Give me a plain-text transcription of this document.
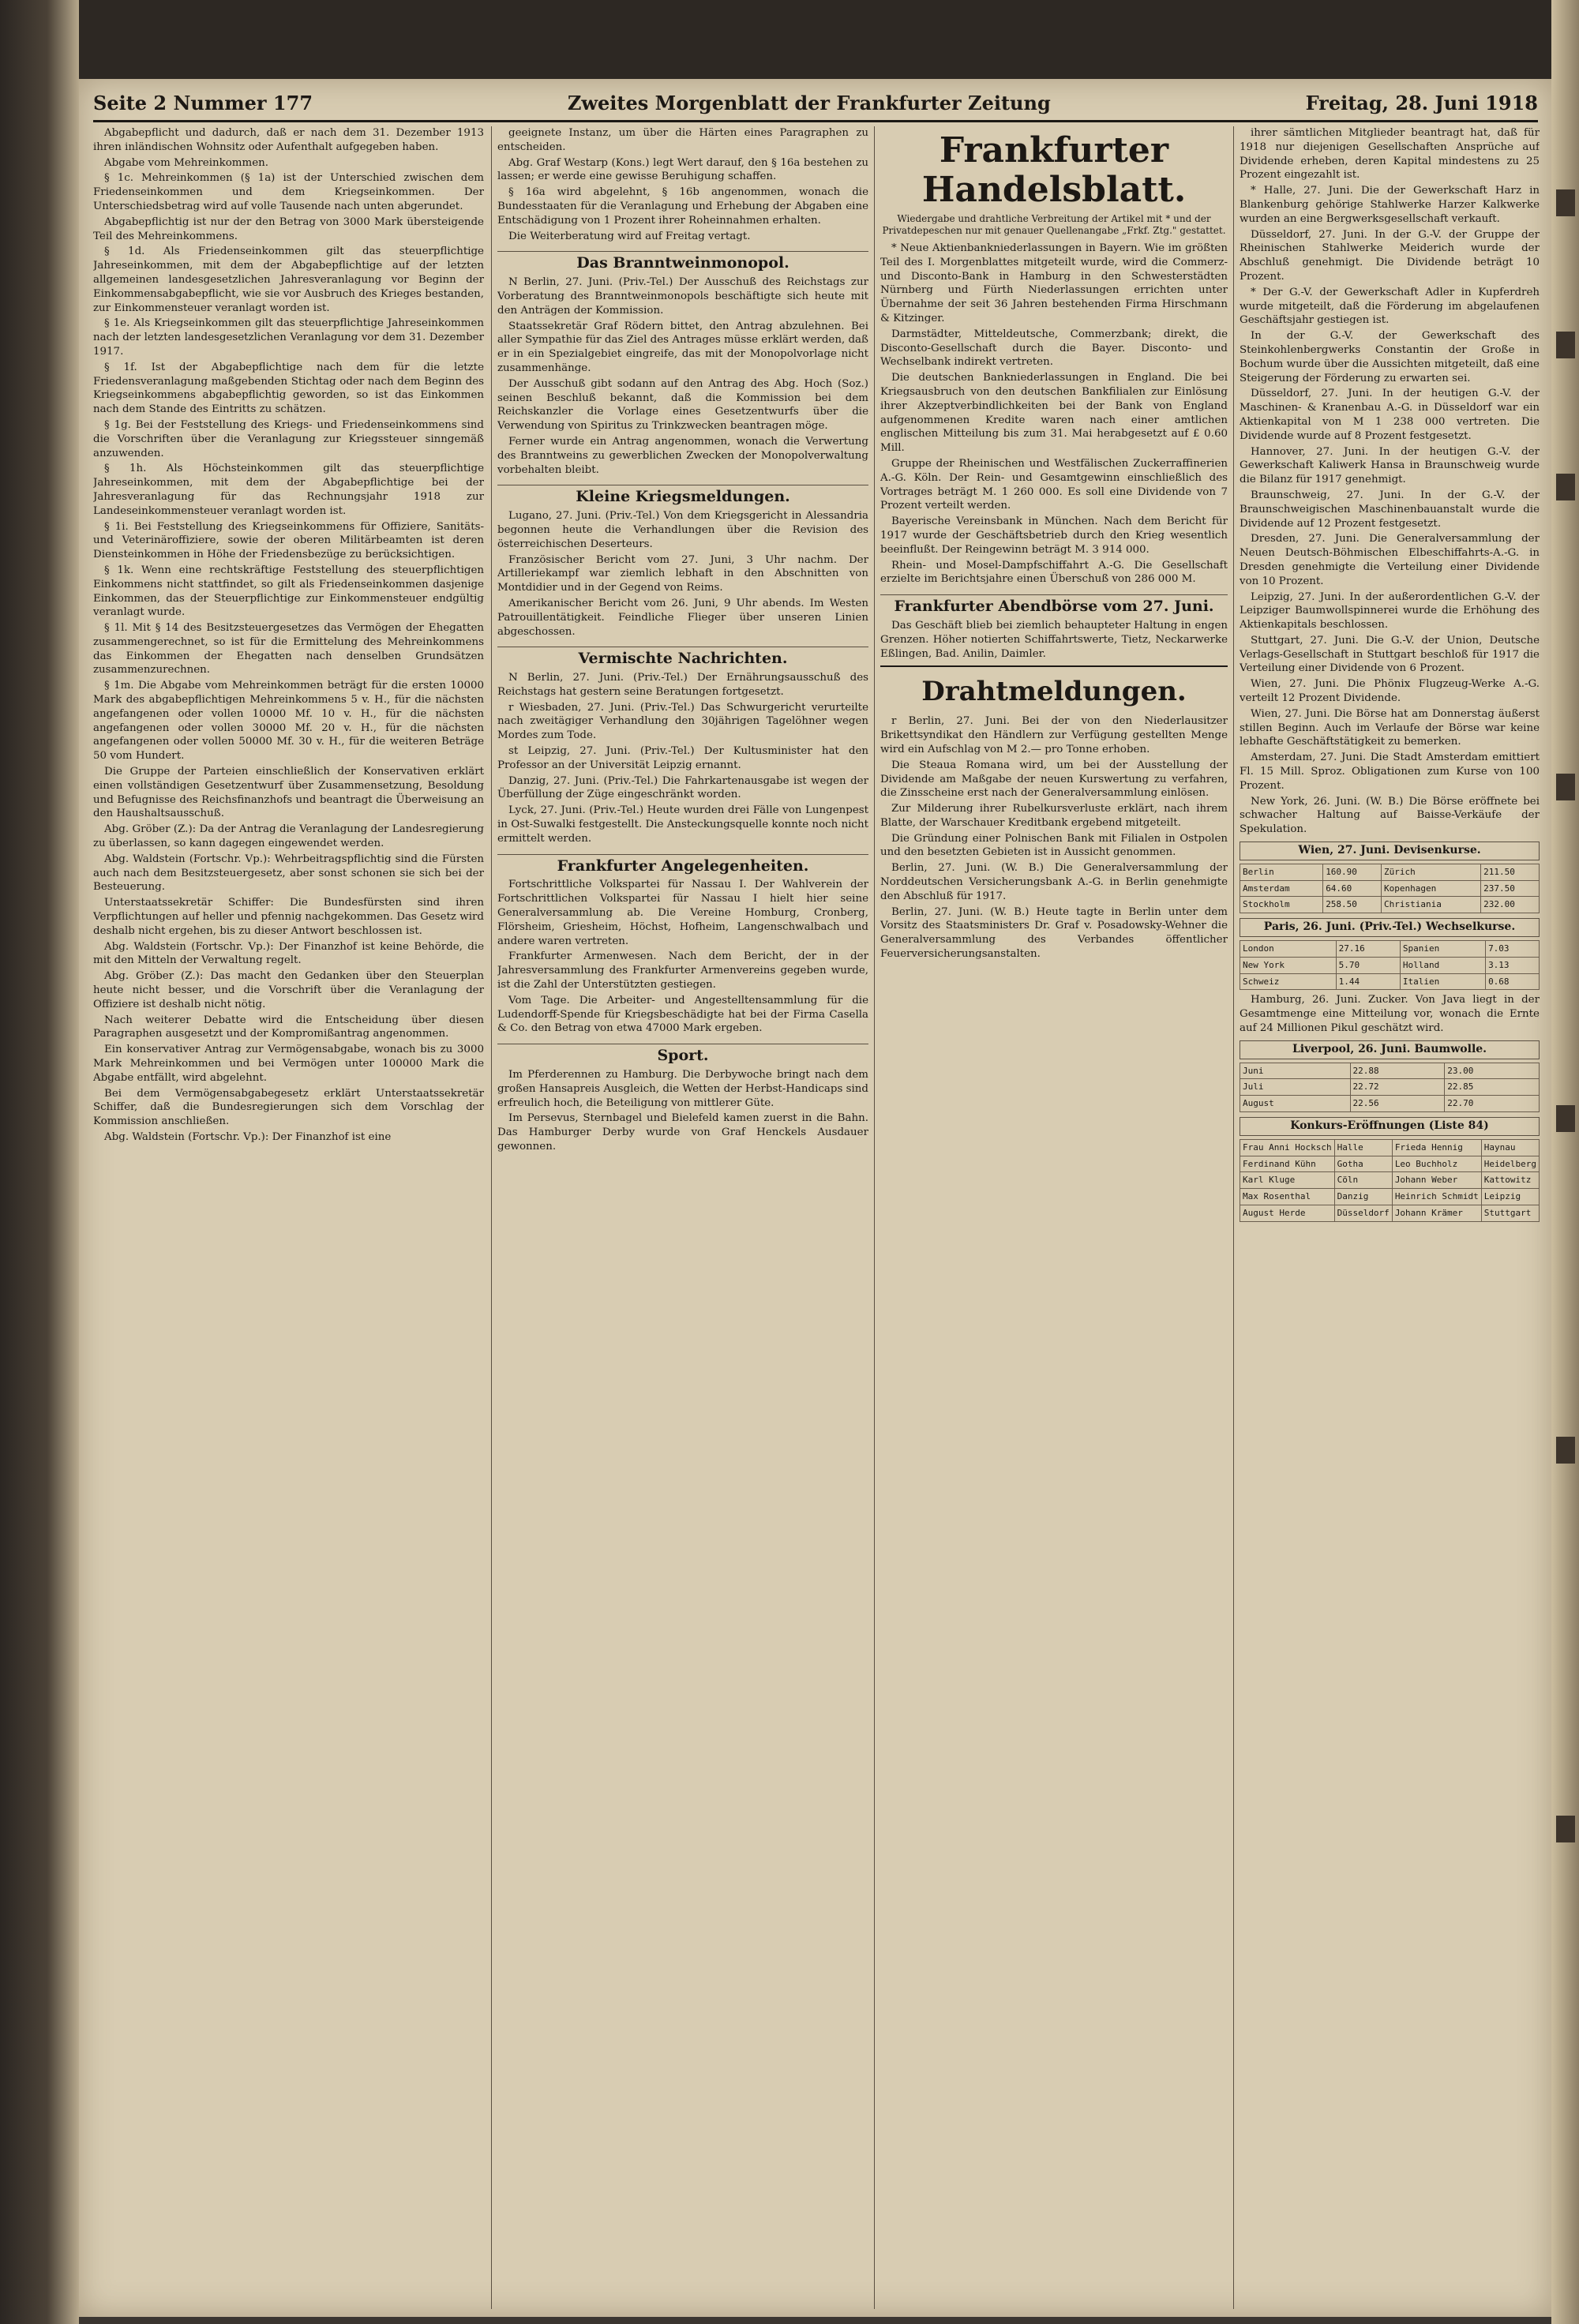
Seite 2 Nummer 177	Zweites Morgenblatt der Frankfurter Zeitung	Freitag, 28. Juni 1918

Abgabepflicht und dadurch, daß er nach dem 31. Dezember 1913 ihren inländischen Wohnsitz oder Aufenthalt aufgegeben haben.

Abgabe vom Mehreinkommen.

§ 1c. Mehreinkommen (§ 1a) ist der Unterschied zwischen dem Friedenseinkommen und dem Kriegseinkommen. Der Unterschiedsbetrag wird auf volle Tausende nach unten abgerundet.

Abgabepflichtig ist nur der den Betrag von 3000 Mark übersteigende Teil des Mehreinkommens.

§ 1d. Als Friedenseinkommen gilt das steuerpflichtige Jahreseinkommen, mit dem der Abgabepflichtige auf der letzten allgemeinen landesgesetzlichen Jahresveranlagung vor Beginn der Einkommensabgabepflicht, wie sie vor Ausbruch des Krieges bestanden, zur Einkommensteuer veranlagt worden ist.

§ 1e. Als Kriegseinkommen gilt das steuerpflichtige Jahreseinkommen nach der letzten landesgesetzlichen Veranlagung vor dem 31. Dezember 1917.

§ 1f. Ist der Abgabepflichtige nach dem für die letzte Friedensveranlagung maßgebenden Stichtag oder nach dem Beginn des Kriegseinkommens abgabepflichtig geworden, so ist das Einkommen nach dem Stande des Eintritts zu schätzen.

§ 1g. Bei der Feststellung des Kriegs- und Friedenseinkommens sind die Vorschriften über die Veranlagung zur Kriegssteuer sinngemäß anzuwenden.

§ 1h. Als Höchsteinkommen gilt das steuerpflichtige Jahreseinkommen, mit dem der Abgabepflichtige bei der Jahresveranlagung für das Rechnungsjahr 1918 zur Landeseinkommensteuer veranlagt worden ist.

§ 1i. Bei Feststellung des Kriegseinkommens für Offiziere, Sanitäts- und Veterinäroffiziere, sowie der oberen Militärbeamten ist deren Diensteinkommen in Höhe der Friedensbezüge zu berücksichtigen.

§ 1k. Wenn eine rechtskräftige Feststellung des steuerpflichtigen Einkommens nicht stattfindet, so gilt als Friedenseinkommen dasjenige Einkommen, das der Steuerpflichtige zur Einkommensteuer endgültig veranlagt wurde.

§ 1l. Mit § 14 des Besitzsteuergesetzes das Vermögen der Ehegatten zusammengerechnet, so ist für die Ermittelung des Mehreinkommens das Einkommen der Ehegatten nach denselben Grundsätzen zusammenzurechnen.

§ 1m. Die Abgabe vom Mehreinkommen beträgt für die ersten 10000 Mark des abgabepflichtigen Mehreinkommens 5 v. H., für die nächsten angefangenen oder vollen 10000 Mf. 10 v. H., für die nächsten angefangenen oder vollen 30000 Mf. 20 v. H., für die nächsten angefangenen oder vollen 50000 Mf. 30 v. H., für die weiteren Beträge 50 vom Hundert.

Die Gruppe der Parteien einschließlich der Konservativen erklärt einen vollständigen Gesetzentwurf über Zusammensetzung, Besoldung und Befugnisse des Reichsfinanzhofs und beantragt die Überweisung an den Haushaltsausschuß.

Abg. Gröber (Z.): Da der Antrag die Veranlagung der Landesregierung zu überlassen, so kann dagegen eingewendet werden.

Abg. Waldstein (Fortschr. Vp.): Wehrbeitragspflichtig sind die Fürsten auch nach dem Besitzsteuergesetz, aber sonst schonen sie sich bei der Besteuerung.

Unterstaatssekretär Schiffer: Die Bundesfürsten sind ihren Verpflichtungen auf heller und pfennig nachgekommen. Das Gesetz wird deshalb nicht ergehen, bis zu dieser Antwort beschlossen ist.

Abg. Waldstein (Fortschr. Vp.): Der Finanzhof ist keine Behörde, die mit den Mitteln der Verwaltung regelt.

Abg. Gröber (Z.): Das macht den Gedanken über den Steuerplan heute nicht besser, und die Vorschrift über die Veranlagung der Offiziere ist deshalb nicht nötig.

Nach weiterer Debatte wird die Entscheidung über diesen Paragraphen ausgesetzt und der Kompromißantrag angenommen.

Ein konservativer Antrag zur Vermögensabgabe, wonach bis zu 3000 Mark Mehreinkommen und bei Vermögen unter 100000 Mark die Abgabe entfällt, wird abgelehnt.

Bei dem Vermögensabgabegesetz erklärt Unterstaatssekretär Schiffer, daß die Bundesregierungen sich dem Vorschlag der Kommission anschließen.

Abg. Waldstein (Fortschr. Vp.): Der Finanzhof ist eine

geeignete Instanz, um über die Härten eines Paragraphen zu entscheiden.

Abg. Graf Westarp (Kons.) legt Wert darauf, den § 16a bestehen zu lassen; er werde eine gewisse Beruhigung schaffen.

§ 16a wird abgelehnt, § 16b angenommen, wonach die Bundesstaaten für die Veranlagung und Erhebung der Abgaben eine Entschädigung von 1 Prozent ihrer Roheinnahmen erhalten.

Die Weiterberatung wird auf Freitag vertagt.

Das Branntweinmonopol.

N Berlin, 27. Juni. (Priv.-Tel.) Der Ausschuß des Reichstags zur Vorberatung des Branntweinmonopols beschäftigte sich heute mit den Anträgen der Kommission.

Staatssekretär Graf Rödern bittet, den Antrag abzulehnen. Bei aller Sympathie für das Ziel des Antrages müsse erklärt werden, daß er in ein Spezialgebiet eingreife, das mit der Monopolvorlage nicht zusammenhänge.

Der Ausschuß gibt sodann auf den Antrag des Abg. Hoch (Soz.) seinen Beschluß bekannt, daß die Kommission bei dem Reichskanzler die Vorlage eines Gesetzentwurfs über die Verwendung von Spiritus zu Trinkzwecken beantragen möge.

Ferner wurde ein Antrag angenommen, wonach die Verwertung des Branntweins zu gewerblichen Zwecken der Monopolverwaltung vorbehalten bleibt.

Kleine Kriegsmeldungen.

Lugano, 27. Juni. (Priv.-Tel.) Von dem Kriegsgericht in Alessandria begonnen heute die Verhandlungen über die Revision des österreichischen Deserteurs.

Französischer Bericht vom 27. Juni, 3 Uhr nachm. Der Artilleriekampf war ziemlich lebhaft in den Abschnitten von Montdidier und in der Gegend von Reims.

Amerikanischer Bericht vom 26. Juni, 9 Uhr abends. Im Westen Patrouillentätigkeit. Feindliche Flieger über unseren Linien abgeschossen.

Vermischte Nachrichten.

N Berlin, 27. Juni. (Priv.-Tel.) Der Ernährungsausschuß des Reichstags hat gestern seine Beratungen fortgesetzt.

r Wiesbaden, 27. Juni. (Priv.-Tel.) Das Schwurgericht verurteilte nach zweitägiger Verhandlung den 30jährigen Tagelöhner wegen Mordes zum Tode.

st Leipzig, 27. Juni. (Priv.-Tel.) Der Kultusminister hat den Professor an der Universität Leipzig ernannt.

Danzig, 27. Juni. (Priv.-Tel.) Die Fahrkartenausgabe ist wegen der Überfüllung der Züge eingeschränkt worden.

Lyck, 27. Juni. (Priv.-Tel.) Heute wurden drei Fälle von Lungenpest in Ost-Suwalki festgestellt. Die Ansteckungsquelle konnte noch nicht ermittelt werden.

Frankfurter Angelegenheiten.

Fortschrittliche Volkspartei für Nassau I. Der Wahlverein der Fortschrittlichen Volkspartei für Nassau I hielt hier seine Generalversammlung ab. Die Vereine Homburg, Cronberg, Flörsheim, Griesheim, Höchst, Hofheim, Langenschwalbach und andere waren vertreten.

Frankfurter Armenwesen. Nach dem Bericht, der in der Jahresversammlung des Frankfurter Armenvereins gegeben wurde, ist die Zahl der Unterstützten gestiegen.

Vom Tage. Die Arbeiter- und Angestelltensammlung für die Ludendorff-Spende für Kriegsbeschädigte hat bei der Firma Casella & Co. den Betrag von etwa 47000 Mark ergeben.

Sport.

Im Pferderennen zu Hamburg. Die Derbywoche bringt nach dem großen Hansapreis Ausgleich, die Wetten der Herbst-Handicaps sind erfreulich hoch, die Beteiligung von mittlerer Güte.

Im Persevus, Sternbagel und Bielefeld kamen zuerst in die Bahn. Das Hamburger Derby wurde von Graf Henckels Ausdauer gewonnen.

Frankfurter Handelsblatt.
Wiedergabe und drahtliche Verbreitung der Artikel mit * und der Privatdepeschen nur mit genauer Quellenangabe „Frkf. Ztg." gestattet.

* Neue Aktienbankniederlassungen in Bayern. Wie im größten Teil des I. Morgenblattes mitgeteilt wurde, wird die Commerz- und Disconto-Bank in Hamburg in den Schwesterstädten Nürnberg und Fürth Niederlassungen errichten unter Übernahme der seit 36 Jahren bestehenden Firma Hirschmann & Kitzinger.

Darmstädter, Mitteldeutsche, Commerzbank; direkt, die Disconto-Gesellschaft durch die Bayer. Disconto- und Wechselbank indirekt vertreten.

Die deutschen Bankniederlassungen in England. Die bei Kriegsausbruch von den deutschen Bankfilialen zur Einlösung ihrer Akzeptverbindlichkeiten bei der Bank von England aufgenommenen Kredite waren nach einer amtlichen englischen Mitteilung bis zum 31. Mai herabgesetzt auf £ 0.60 Mill.

Gruppe der Rheinischen und Westfälischen Zuckerraffinerien A.-G. Köln. Der Rein- und Gesamtgewinn einschließlich des Vortrages beträgt M. 1 260 000. Es soll eine Dividende von 7 Prozent verteilt werden.

Bayerische Vereinsbank in München. Nach dem Bericht für 1917 wurde der Geschäftsbetrieb durch den Krieg wesentlich beeinflußt. Der Reingewinn beträgt M. 3 914 000.

Rhein- und Mosel-Dampfschiffahrt A.-G. Die Gesellschaft erzielte im Berichtsjahre einen Überschuß von 286 000 M.

Frankfurter Abendbörse vom 27. Juni.

Das Geschäft blieb bei ziemlich behaupteter Haltung in engen Grenzen. Höher notierten Schiffahrtswerte, Tietz, Neckarwerke Eßlingen, Bad. Anilin, Daimler.

Drahtmeldungen.

r Berlin, 27. Juni. Bei der von den Niederlausitzer Brikettsyndikat den Händlern zur Verfügung gestellten Menge wird ein Aufschlag von M 2.— pro Tonne erhoben.

Die Steaua Romana wird, um bei der Ausstellung der Dividende am Maßgabe der neuen Kurswertung zu verfahren, die Zinsscheine erst nach der Generalversammlung einlösen.

Zur Milderung ihrer Rubelkursverluste erklärt, nach ihrem Blatte, der Warschauer Kreditbank ergebend mitgeteilt.

Die Gründung einer Polnischen Bank mit Filialen in Ostpolen und den besetzten Gebieten ist in Aussicht genommen.

Berlin, 27. Juni. (W. B.) Die Generalversammlung der Norddeutschen Versicherungsbank A.-G. in Berlin genehmigte den Abschluß für 1917.

Berlin, 27. Juni. (W. B.) Heute tagte in Berlin unter dem Vorsitz des Staatsministers Dr. Graf v. Posadowsky-Wehner die Generalversammlung des Verbandes öffentlicher Feuerversicherungsanstalten.

ihrer sämtlichen Mitglieder beantragt hat, daß für 1918 nur diejenigen Gesellschaften Ansprüche auf Dividende erheben, deren Kapital mindestens zu 25 Prozent eingezahlt ist.

* Halle, 27. Juni. Die der Gewerkschaft Harz in Blankenburg gehörige Stahlwerke Harzer Kalkwerke wurden an eine Bergwerksgesellschaft verkauft.

Düsseldorf, 27. Juni. In der G.-V. der Gruppe der Rheinischen Stahlwerke Meiderich wurde der Abschluß genehmigt. Die Dividende beträgt 10 Prozent.

* Der G.-V. der Gewerkschaft Adler in Kupferdreh wurde mitgeteilt, daß die Förderung im abgelaufenen Geschäftsjahr gestiegen ist.

In der G.-V. der Gewerkschaft des Steinkohlenbergwerks Constantin der Große in Bochum wurde über die Aussichten mitgeteilt, daß eine Steigerung der Förderung zu erwarten sei.

Düsseldorf, 27. Juni. In der heutigen G.-V. der Maschinen- & Kranenbau A.-G. in Düsseldorf war ein Aktienkapital von M 1 238 000 vertreten. Die Dividende wurde auf 8 Prozent festgesetzt.

Hannover, 27. Juni. In der heutigen G.-V. der Gewerkschaft Kaliwerk Hansa in Braunschweig wurde die Bilanz für 1917 genehmigt.

Braunschweig, 27. Juni. In der G.-V. der Braunschweigischen Maschinenbauanstalt wurde die Dividende auf 12 Prozent festgesetzt.

Dresden, 27. Juni. Die Generalversammlung der Neuen Deutsch-Böhmischen Elbeschiffahrts-A.-G. in Dresden genehmigte die Verteilung einer Dividende von 10 Prozent.

Leipzig, 27. Juni. In der außerordentlichen G.-V. der Leipziger Baumwollspinnerei wurde die Erhöhung des Aktienkapitals beschlossen.

Stuttgart, 27. Juni. Die G.-V. der Union, Deutsche Verlags-Gesellschaft in Stuttgart beschloß für 1917 die Verteilung einer Dividende von 6 Prozent.

Wien, 27. Juni. Die Phönix Flugzeug-Werke A.-G. verteilt 12 Prozent Dividende.

Wien, 27. Juni. Die Börse hat am Donnerstag äußerst stillen Beginn. Auch im Verlaufe der Börse war keine lebhafte Geschäftstätigkeit zu bemerken.

Amsterdam, 27. Juni. Die Stadt Amsterdam emittiert Fl. 15 Mill. Sproz. Obligationen zum Kurse von 100 Prozent.

New York, 26. Juni. (W. B.) Die Börse eröffnete bei schwacher Haltung auf Baisse-Verkäufe der Spekulation.

Wien, 27. Juni. Devisenkurse.
Berlin	160.90	Zürich	211.50
Amsterdam	64.60	Kopenhagen	237.50
Stockholm	258.50	Christiania	232.00
Paris, 26. Juni. (Priv.-Tel.) Wechselkurse.
London	27.16	Spanien	7.03
New York	5.70	Holland	3.13
Schweiz	1.44	Italien	0.68

Hamburg, 26. Juni. Zucker. Von Java liegt in der Gesamtmenge eine Mitteilung vor, wonach die Ernte auf 24 Millionen Pikul geschätzt wird.

Liverpool, 26. Juni. Baumwolle.
Juni	22.88	23.00
Juli	22.72	22.85
August	22.56	22.70
Konkurs-Eröffnungen (Liste 84)
Frau Anni Hocksch	Halle	Frieda Hennig	Haynau
Ferdinand Kühn	Gotha	Leo Buchholz	Heidelberg
Karl Kluge	Cöln	Johann Weber	Kattowitz
Max Rosenthal	Danzig	Heinrich Schmidt	Leipzig
August Herde	Düsseldorf	Johann Krämer	Stuttgart
